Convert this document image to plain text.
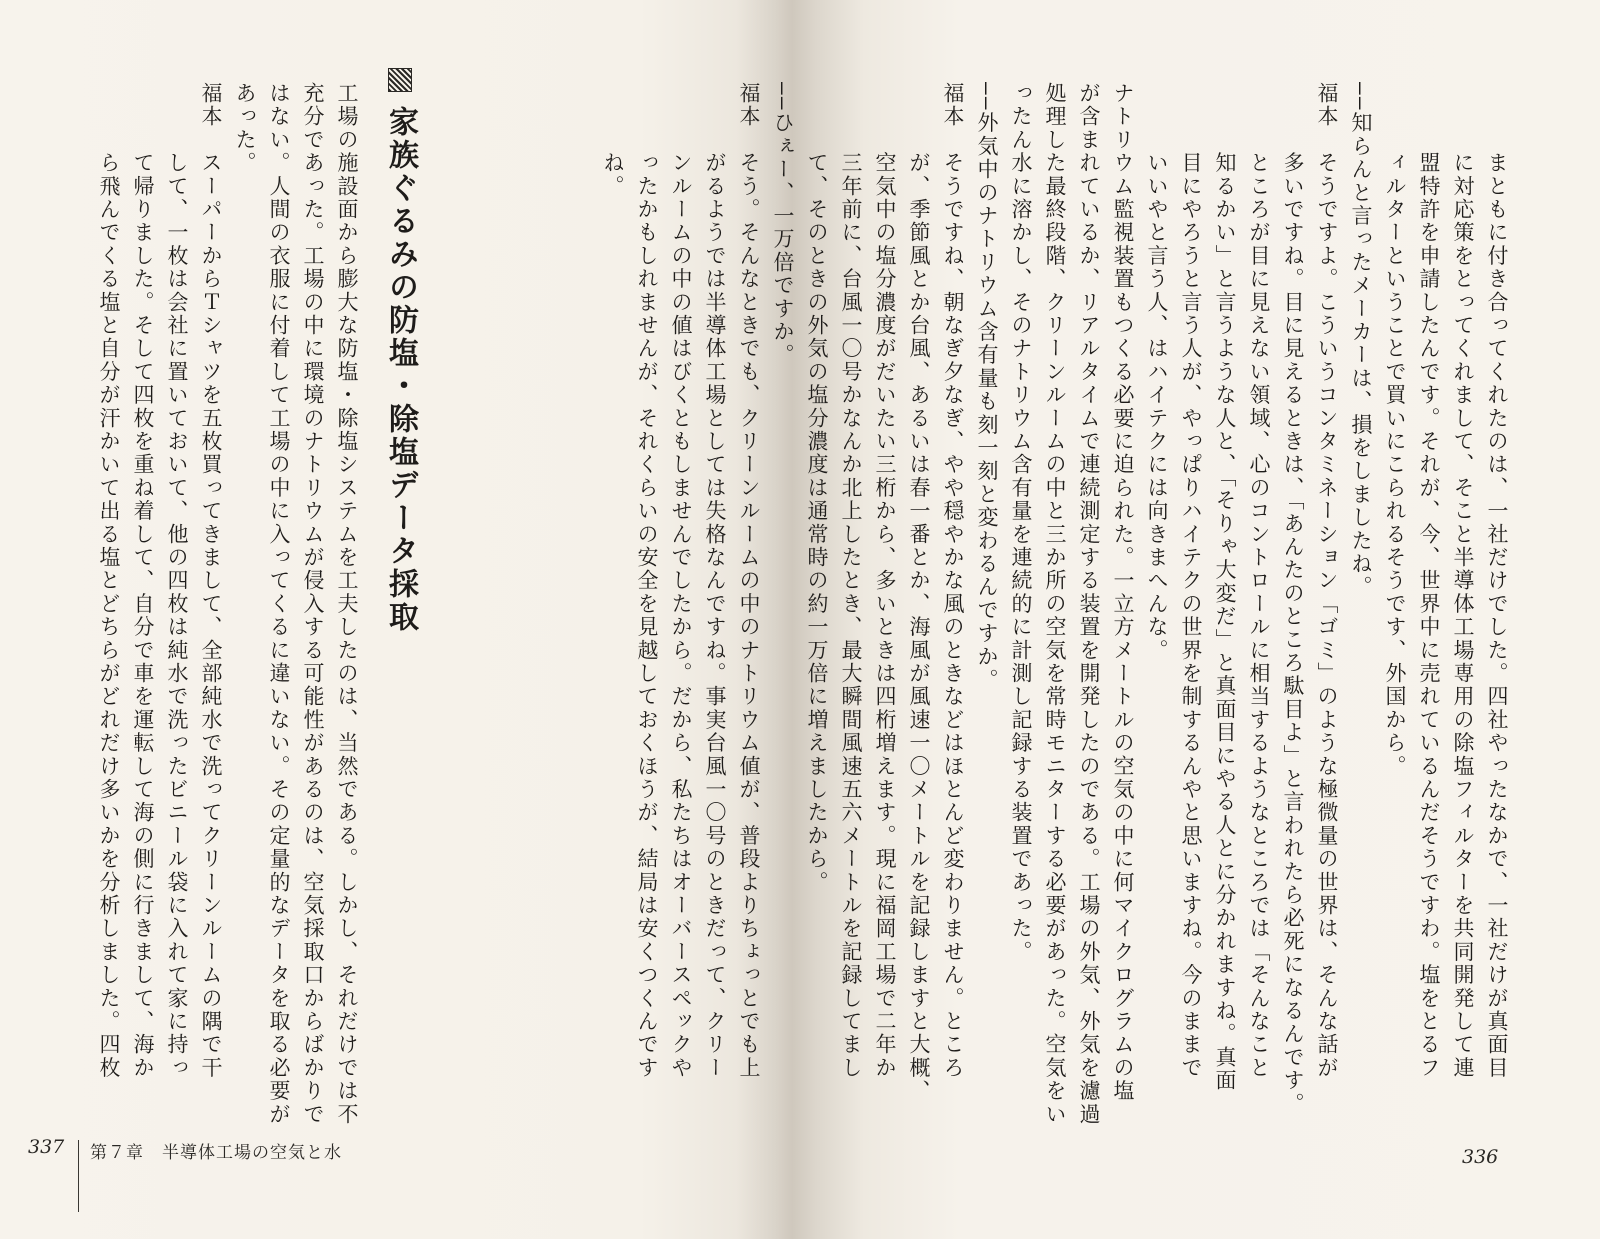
家族ぐるみの防塩・除塩データ採取
工場の施設面から膨大な防塩・除塩システムを工夫したのは、当然である。しかし、それだけでは不
充分であった。工場の中に環境のナトリウムが侵入する可能性があるのは、空気採取口からばかりで
はない。人間の衣服に付着して工場の中に入ってくるに違いない。その定量的なデータを取る必要が
あった。
福本　スーパーからＴシャツを五枚買ってきまして、全部純水で洗ってクリーンルームの隅で干
　　　して、一枚は会社に置いておいて、他の四枚は純水で洗ったビニール袋に入れて家に持っ
　　　て帰りました。そして四枚を重ね着して、自分で車を運転して海の側に行きまして、海か
　　　ら飛んでくる塩と自分が汗かいて出る塩とどちらがどれだけ多いかを分析しました。四枚
337 第７章　半導体工場の空気と水
　　　まともに付き合ってくれたのは、一社だけでした。四社やったなかで、一社だけが真面目
　　　に対応策をとってくれまして、そこと半導体工場専用の除塩フィルターを共同開発して連
　　　盟特許を申請したんです。それが、今、世界中に売れているんだそうですわ。塩をとるフ
　　　ィルターということで買いにこられるそうです、外国から。
――知らんと言ったメーカーは、損をしましたね。
福本　そうですよ。こういうコンタミネーション「ゴミ」のような極微量の世界は、そんな話が
　　　多いですね。目に見えるときは、「あんたのところ駄目よ」と言われたら必死になるんです。
　　　ところが目に見えない領域、心のコントロールに相当するようなところでは「そんなこと
　　　知るかい」と言うような人と、「そりゃ大変だ」と真面目にやる人とに分かれますね。真面
　　　目にやろうと言う人が、やっぱりハイテクの世界を制するんやと思いますね。今のままで
　　　いいやと言う人、はハイテクには向きまへんな。
ナトリウム監視装置もつくる必要に迫られた。一立方メートルの空気の中に何マイクログラムの塩
が含まれているか、リアルタイムで連続測定する装置を開発したのである。工場の外気、外気を濾過
処理した最終段階、クリーンルームの中と三か所の空気を常時モニターする必要があった。空気をい
ったん水に溶かし、そのナトリウム含有量を連続的に計測し記録する装置であった。
――外気中のナトリウム含有量も刻一刻と変わるんですか。
福本　そうですね、朝なぎ夕なぎ、やや穏やかな風のときなどはほとんど変わりません。ところ
　　　が、季節風とか台風、あるいは春一番とか、海風が風速一〇メートルを記録しますと大概、
　　　空気中の塩分濃度がだいたい三桁から、多いときは四桁増えます。現に福岡工場で二年か
　　　三年前に、台風一〇号かなんか北上したとき、最大瞬間風速五六メートルを記録してまし
　　　て、そのときの外気の塩分濃度は通常時の約一万倍に増えましたから。
――ひぇー、一万倍ですか。
福本　そう。そんなときでも、クリーンルームの中のナトリウム値が、普段よりちょっとでも上
　　　がるようでは半導体工場としては失格なんですね。事実台風一〇号のときだって、クリー
　　　ンルームの中の値はびくともしませんでしたから。だから、私たちはオーバースペックや
　　　ったかもしれませんが、それくらいの安全を見越しておくほうが、結局は安くつくんです
　　　ね。
336
